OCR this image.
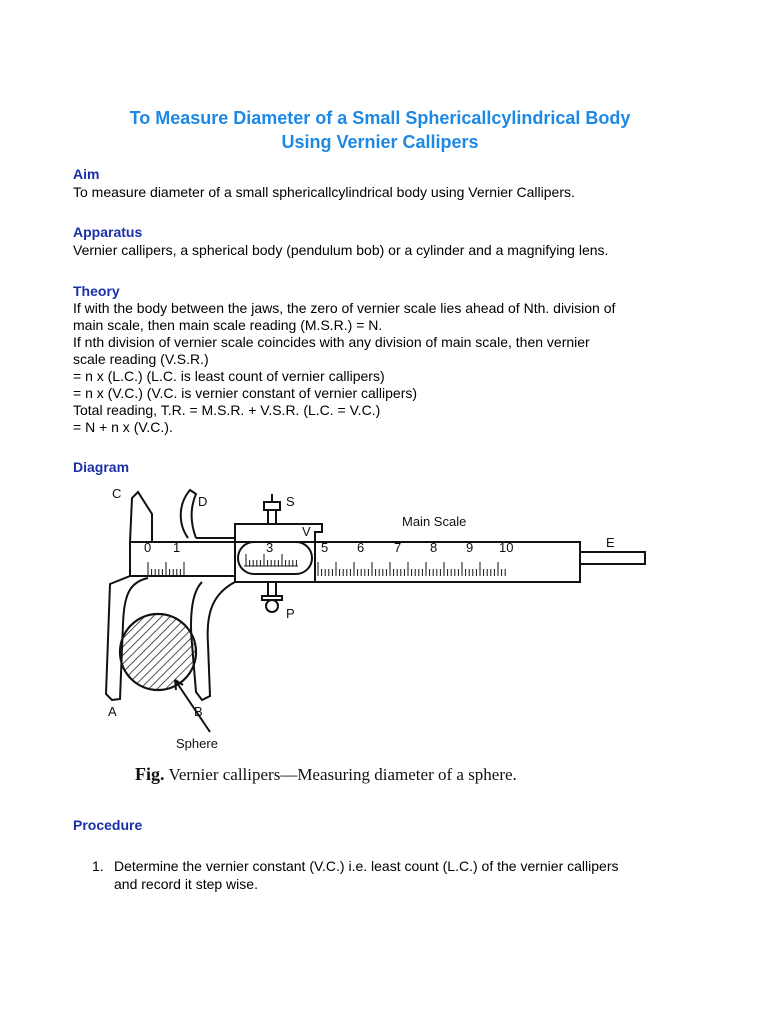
To Measure Diameter of a Small Sphericallcylindrical Body
Using Vernier Callipers
Aim
To measure diameter of a small sphericallcylindrical body using Vernier Callipers.
Apparatus
Vernier callipers, a spherical body (pendulum bob) or a cylinder and a magnifying lens.
Theory
If with the body between the jaws, the zero of vernier scale lies ahead of Nth. division of
main scale, then main scale reading (M.S.R.) = N.
If nth division of vernier scale coincides with any division of main scale, then vernier
scale reading (V.S.R.)
= n x (L.C.) (L.C. is least count of vernier callipers)
= n x (V.C.) (V.C. is vernier constant of vernier callipers)
Total reading, T.R. = M.S.R. + V.S.R. (L.C. = V.C.)
= N + n x (V.C.).
Diagram
C
D	S
V
P
A	B
E
Main Scale
Sphere
3
0 1	5 6 7 8 9 10
Fig. Vernier callipers—Measuring diameter of a sphere.
Procedure
1. Determine the vernier constant (V.C.) i.e. least count (L.C.) of the vernier callipers
and record it step wise.
